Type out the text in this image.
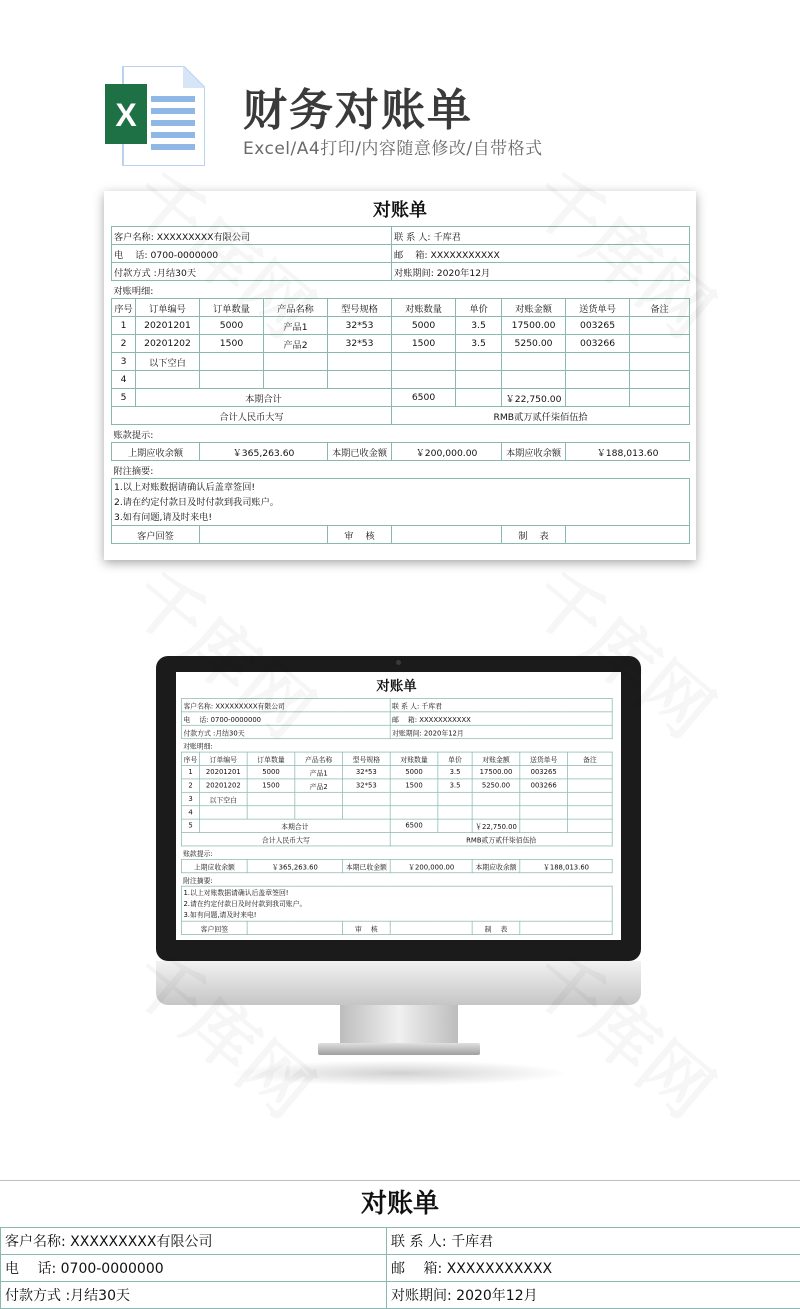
X 财务对账单
Excel/A4打印/内容随意修改/自带格式
对账单
客户名称: XXXXXXXXX有限公司					联 系 人: 千库君				
电　 话: 0700-0000000					邮　 箱: XXXXXXXXXXX				
付款方式 :月结30天					对账期间: 2020年12月				
对账明细:									
序号	订单编号	订单数量	产品名称	型号规格	对账数量	单价	对账金额	送货单号	备注
1	20201201	5000	产品1	32*53	5000	3.5	17500.00	003265	
2	20201202	1500	产品2	32*53	1500	3.5	5250.00	003266	
3	以下空白								
4									
5	本期合计				6500		￥22,750.00		
合计人民币大写					RMB贰万贰仟柒佰伍拾				
账款提示:									
上期应收余额		￥365,263.60		本期已收金额	￥200,000.00		本期应收余额	￥188,013.60	
附注摘要:									

1.以上对账数据请确认后盖章签回!
2.请在约定付款日及时付款到我司账户。
3.如有问题,请及时来电!									

客户回签				审　 核			制　 表		
对账单
客户名称: XXXXXXXXX有限公司					联 系 人: 千库君				
电　 话: 0700-0000000					邮　 箱: XXXXXXXXXXX				
付款方式 :月结30天					对账期间: 2020年12月				
对账明细:									
序号	订单编号	订单数量	产品名称	型号规格	对账数量	单价	对账金额	送货单号	备注
1	20201201	5000	产品1	32*53	5000	3.5	17500.00	003265	
2	20201202	1500	产品2	32*53	1500	3.5	5250.00	003266	
3	以下空白								
4									
5	本期合计				6500		￥22,750.00		
合计人民币大写					RMB贰万贰仟柒佰伍拾				
账款提示:									
上期应收余额		￥365,263.60		本期已收金额	￥200,000.00		本期应收余额	￥188,013.60	
附注摘要:									

1.以上对账数据请确认后盖章签回!
2.请在约定付款日及时付款到我司账户。
3.如有问题,请及时来电!									

客户回签				审　 核			制　 表		
对账单
客户名称: XXXXXXXXX有限公司	联 系 人: 千库君
电　 话: 0700-0000000	邮　 箱: XXXXXXXXXXX
付款方式 :月结30天	对账期间: 2020年12月
